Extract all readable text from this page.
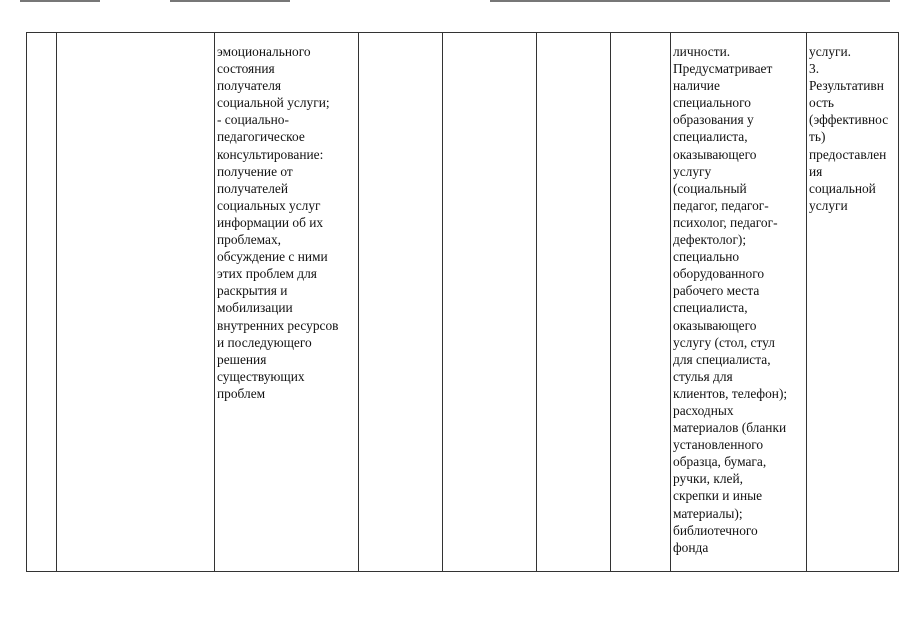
		эмоционального
состояния
получателя
социальной услуги;
- социально-
педагогическое
консультирование:
получение от
получателей
социальных услуг
информации об их
проблемах,
обсуждение с ними
этих проблем для
раскрытия и
мобилизации
внутренних ресурсов
и последующего
решения
существующих
проблем					личности.
Предусматривает
наличие
специального
образования у
специалиста,
оказывающего
услугу
(социальный
педагог, педагог-
психолог, педагог-
дефектолог);
специально
оборудованного
рабочего места
специалиста,
оказывающего
услугу (стол, стул
для специалиста,
стулья для
клиентов, телефон);
расходных
материалов (бланки
установленного
образца, бумага,
ручки, клей,
скрепки и иные
материалы);
библиотечного
фонда	услуги.
3.
Результативн
ость
(эффективнос
ть)
предоставлен
ия
социальной
услуги
